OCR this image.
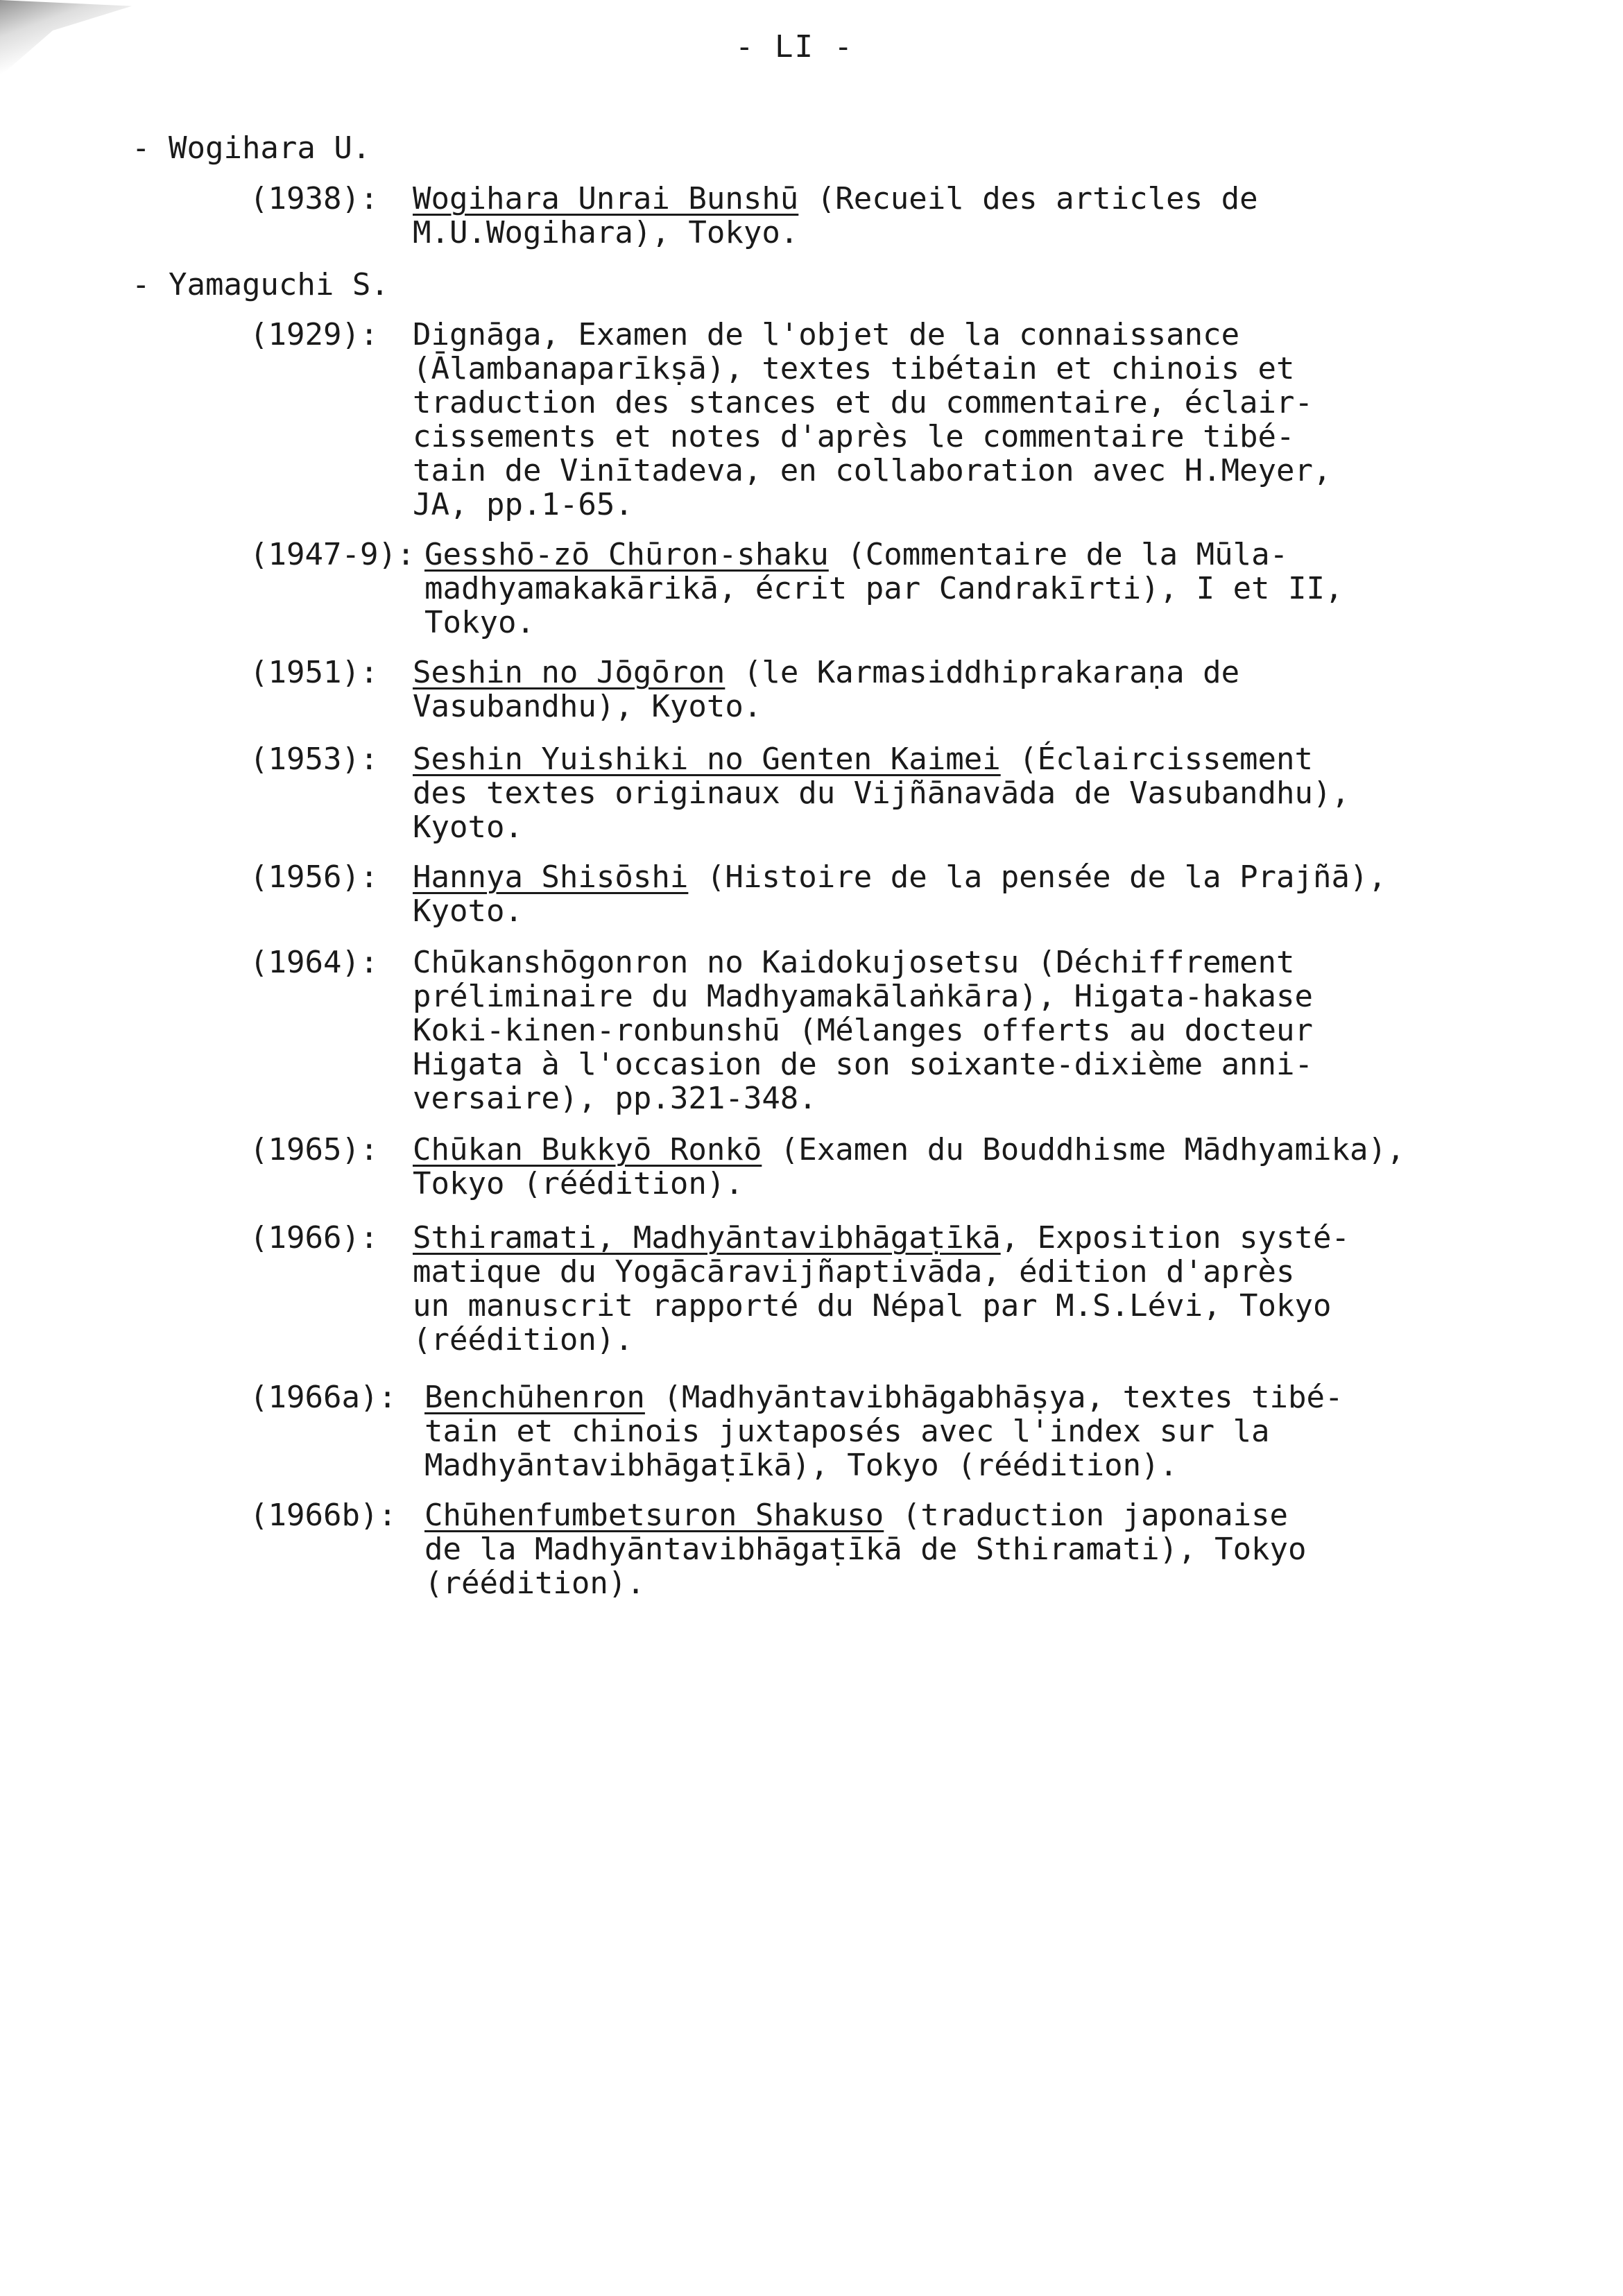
- LI -
- Wogihara U.
(1938):	Wogihara Unrai Bunshū (Recueil des articles de
M.U.Wogihara), Tokyo.
- Yamaguchi S.
(1929):	Dignāga, Examen de l'objet de la connaissance
(Ālambanaparīkṣā), textes tibétain et chinois et
traduction des stances et du commentaire, éclair-
cissements et notes d'après le commentaire tibé-
tain de Vinītadeva, en collaboration avec H.Meyer,
JA, pp.1-65.
(1947-9): Gesshō-zō Chūron-shaku (Commentaire de la Mūla-
madhyamakakārikā, écrit par Candrakīrti), I et II,
Tokyo.
(1951):	Seshin no Jōgōron (le Karmasiddhiprakaraṇa de
Vasubandhu), Kyoto.
(1953):	Seshin Yuishiki no Genten Kaimei (Éclaircissement
des textes originaux du Vijñānavāda de Vasubandhu),
Kyoto.
(1956):	Hannya Shisōshi (Histoire de la pensée de la Prajñā),
Kyoto.
(1964):	Chūkanshōgonron no Kaidokujosetsu (Déchiffrement
préliminaire du Madhyamakālaṅkāra), Higata-hakase
Koki-kinen-ronbunshū (Mélanges offerts au docteur
Higata à l'occasion de son soixante-dixième anni-
versaire), pp.321-348.
(1965):	Chūkan Bukkyō Ronkō (Examen du Bouddhisme Mādhyamika),
Tokyo (réédition).
(1966):	Sthiramati, Madhyāntavibhāgaṭīkā, Exposition systé-
matique du Yogācāravijñaptivāda, édition d'après
un manuscrit rapporté du Népal par M.S.Lévi, Tokyo
(réédition).
(1966a): Benchūhenron (Madhyāntavibhāgabhāṣya, textes tibé-
tain et chinois juxtaposés avec l'index sur la
Madhyāntavibhāgaṭīkā), Tokyo (réédition).
(1966b): Chūhenfumbetsuron Shakuso (traduction japonaise
de la Madhyāntavibhāgaṭīkā de Sthiramati), Tokyo
(réédition).
